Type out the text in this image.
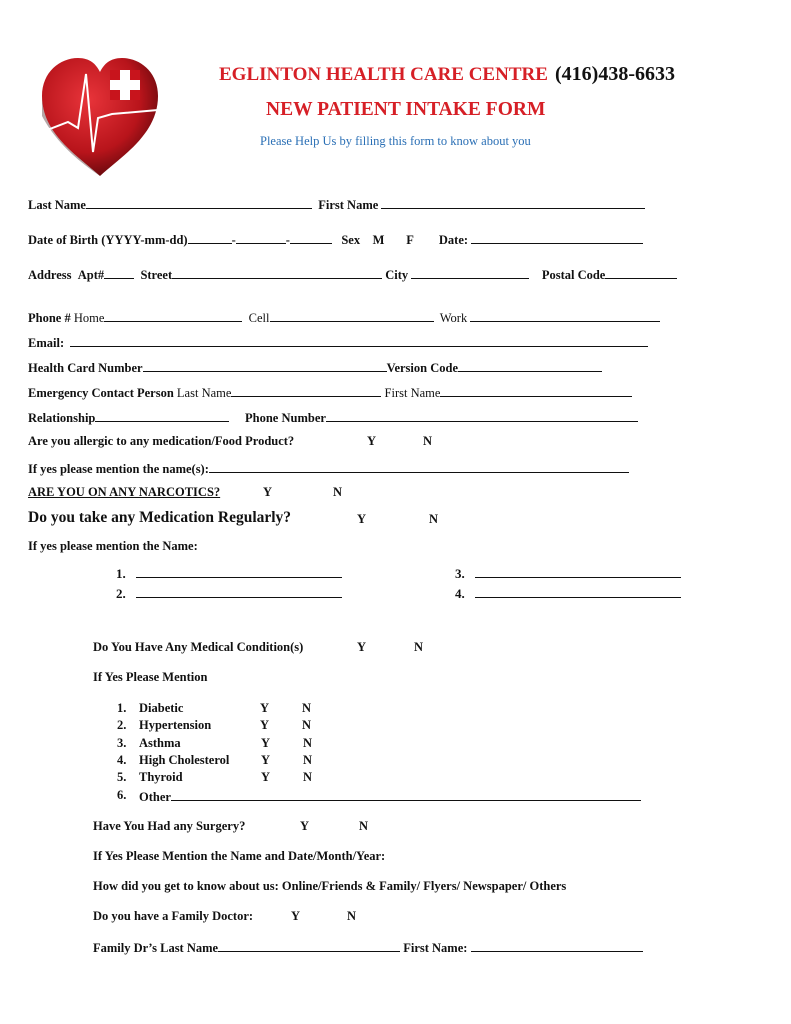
EGLINTON HEALTH CARE CENTRE (416)438-6633
NEW PATIENT INTAKE FORM
Please Help Us by filling this form to know about you
Last Name	First Name
Date of Birth (YYYY-mm-dd)	-	-	Sex M F Date:
Address Apt#	Street	City	Postal Code
Phone # Home	Cell	Work
Email:
Health Card Number	Version Code
Emergency Contact Person Last Name	First Name
Relationship	Phone Number
Are you allergic to any medication/Food Product?	Y	N
If yes please mention the name(s):
ARE YOU ON ANY NARCOTICS?	Y	N
Do you take any Medication Regularly?	Y	N
If yes please mention the Name:
1.
2.
3.
4.
Do You Have Any Medical Condition(s)	Y	N
If Yes Please Mention
1. Diabetic	Y	N
2. Hypertension	Y	N
3. Asthma	Y	N
4. High Cholesterol	Y	N
5. Thyroid	Y	N
6. Other
Have You Had any Surgery?	Y	N
If Yes Please Mention the Name and Date/Month/Year:
How did you get to know about us: Online/Friends & Family/ Flyers/ Newspaper/ Others
Do you have a Family Doctor:	Y	N
Family Dr’s Last Name	First Name:
